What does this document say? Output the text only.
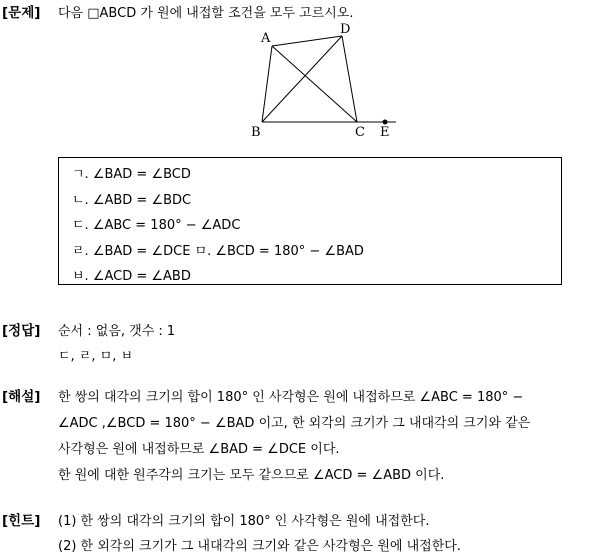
[문제] 다음 □ABCD 가 원에 내접할 조건을 모두 고르시오.
A
D
B	C E
ㄱ. ∠BAD = ∠BCD
ㄴ. ∠ABD = ∠BDC
ㄷ. ∠ABC = 180° − ∠ADC
ㄹ. ∠BAD = ∠DCE ㅁ. ∠BCD = 180° − ∠BAD
ㅂ. ∠ACD = ∠ABD
[정답] 순서 : 없음, 갯수 : 1
ㄷ, ㄹ, ㅁ, ㅂ
[해설] 한 쌍의 대각의 크기의 합이 180° 인 사각형은 원에 내접하므로 ∠ABC = 180° −
∠ADC ,∠BCD = 180° − ∠BAD 이고, 한 외각의 크기가 그 내대각의 크기와 같은
사각형은 원에 내접하므로 ∠BAD = ∠DCE 이다.
한 원에 대한 원주각의 크기는 모두 같으므로 ∠ACD = ∠ABD 이다.
[힌트] (1) 한 쌍의 대각의 크기의 합이 180° 인 사각형은 원에 내접한다.
(2) 한 외각의 크기가 그 내대각의 크기와 같은 사각형은 원에 내접한다.
